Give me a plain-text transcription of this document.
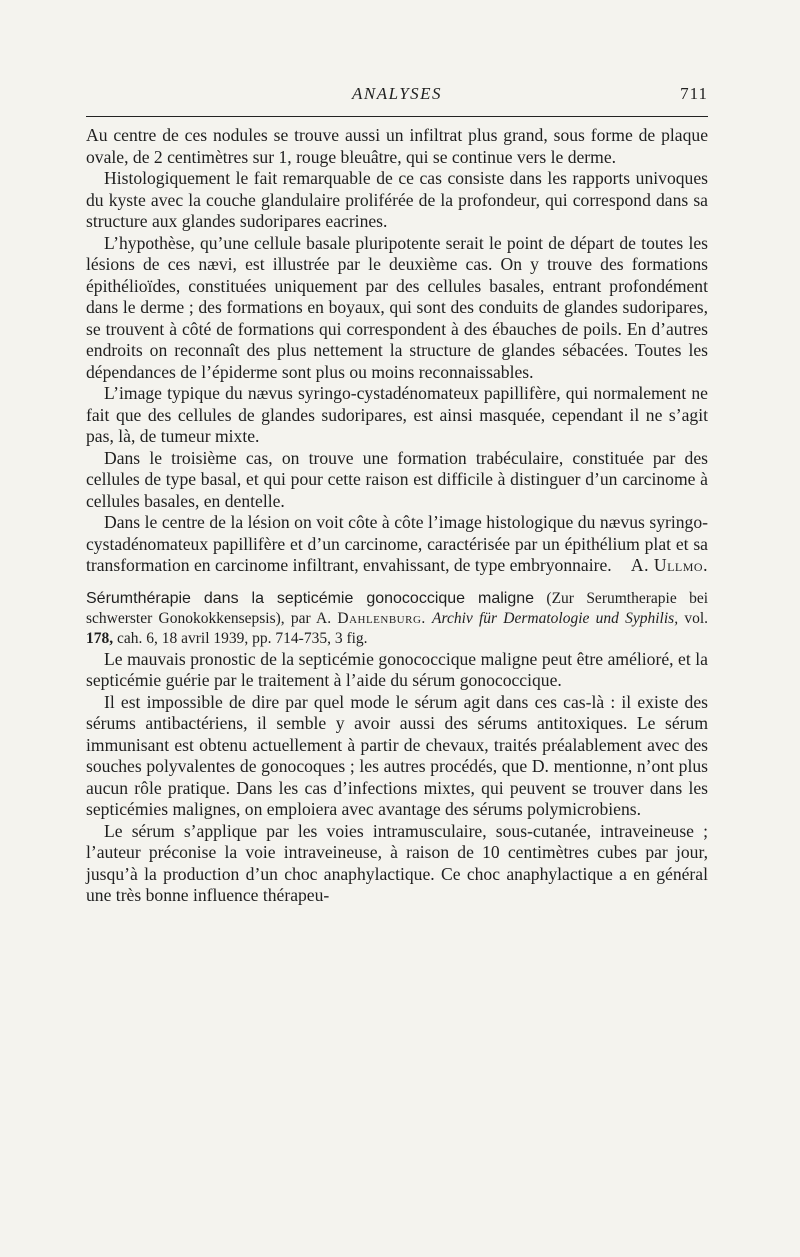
ANALYSES	711

Au centre de ces nodules se trouve aussi un infiltrat plus grand, sous forme de plaque ovale, de 2 centimètres sur 1, rouge bleuâtre, qui se continue vers le derme.

Histologiquement le fait remarquable de ce cas consiste dans les rapports univoques du kyste avec la couche glandulaire proliférée de la profondeur, qui correspond dans sa structure aux glandes sudoripares eacrines.

L’hypothèse, qu’une cellule basale pluripotente serait le point de départ de toutes les lésions de ces nævi, est illustrée par le deuxième cas. On y trouve des formations épithélioïdes, constituées uniquement par des cellules basales, entrant profondément dans le derme ; des formations en boyaux, qui sont des conduits de glandes sudoripares, se trouvent à côté de formations qui correspondent à des ébauches de poils. En d’autres endroits on reconnaît des plus nettement la structure de glandes sébacées. Toutes les dépendances de l’épiderme sont plus ou moins reconnaissables.

L’image typique du nævus syringo-cystadénomateux papillifère, qui normalement ne fait que des cellules de glandes sudoripares, est ainsi masquée, cependant il ne s’agit pas, là, de tumeur mixte.

Dans le troisième cas, on trouve une formation trabéculaire, constituée par des cellules de type basal, et qui pour cette raison est difficile à distinguer d’un carcinome à cellules basales, en dentelle.

Dans le centre de la lésion on voit côte à côte l’image histologique du nævus syringo-cystadénomateux papillifère et d’un carcinome, caractérisée par un épithélium plat et sa transformation en carcinome infiltrant, envahissant, de type embryonnaire.	A. Ullmo.

Sérumthérapie dans la septicémie gonococcique maligne (Zur Serumtherapie bei schwerster Gonokokkensepsis), par A. Dahlenburg. Archiv für Dermatologie und Syphilis, vol. 178, cah. 6, 18 avril 1939, pp. 714-735, 3 fig.

Le mauvais pronostic de la septicémie gonococcique maligne peut être amélioré, et la septicémie guérie par le traitement à l’aide du sérum gonococcique.

Il est impossible de dire par quel mode le sérum agit dans ces cas-là : il existe des sérums antibactériens, il semble y avoir aussi des sérums antitoxiques. Le sérum immunisant est obtenu actuellement à partir de chevaux, traités préalablement avec des souches polyvalentes de gonocoques ; les autres procédés, que D. mentionne, n’ont plus aucun rôle pratique. Dans les cas d’infections mixtes, qui peuvent se trouver dans les septicémies malignes, on emploiera avec avantage des sérums polymicrobiens.

Le sérum s’applique par les voies intramusculaire, sous-cutanée, intraveineuse ; l’auteur préconise la voie intraveineuse, à raison de 10 centimètres cubes par jour, jusqu’à la production d’un choc anaphylactique. Ce choc anaphylactique a en général une très bonne influence thérapeu-
